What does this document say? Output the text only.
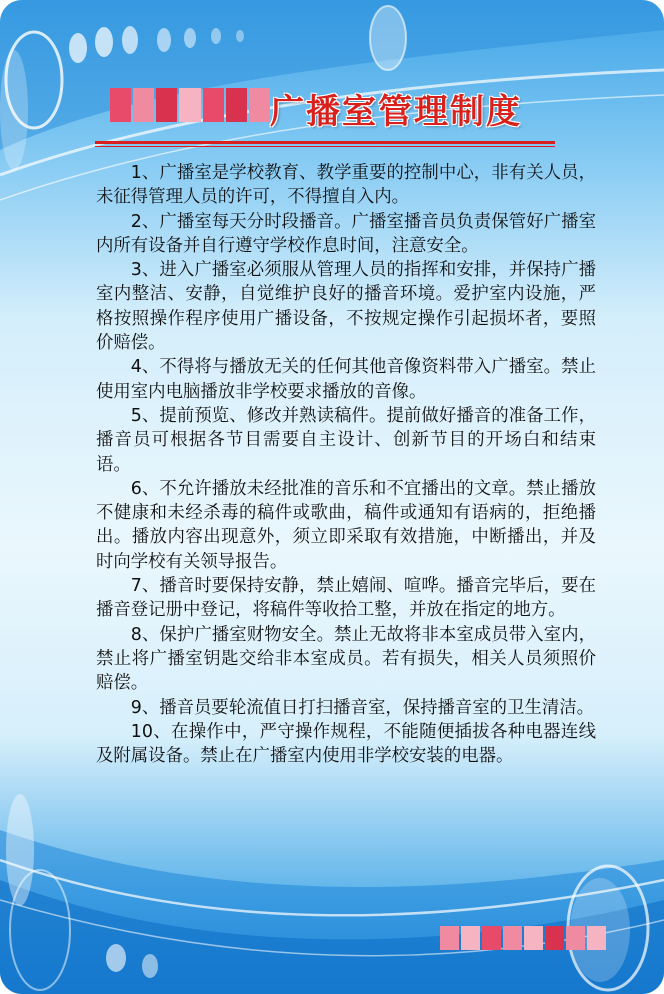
广播室管理制度

1、广播室是学校教育、教学重要的控制中心，非有关人员，未征得管理人员的许可，不得擅自入内。

2、广播室每天分时段播音。广播室播音员负责保管好广播室内所有设备并自行遵守学校作息时间，注意安全。

3、进入广播室必须服从管理人员的指挥和安排，并保持广播室内整洁、安静，自觉维护良好的播音环境。爱护室内设施，严格按照操作程序使用广播设备，不按规定操作引起损坏者，要照价赔偿。

4、不得将与播放无关的任何其他音像资料带入广播室。禁止使用室内电脑播放非学校要求播放的音像。

5、提前预览、修改并熟读稿件。提前做好播音的准备工作，播音员可根据各节目需要自主设计、创新节目的开场白和结束语。

6、不允许播放未经批准的音乐和不宜播出的文章。禁止播放不健康和未经杀毒的稿件或歌曲，稿件或通知有语病的，拒绝播出。播放内容出现意外，须立即采取有效措施，中断播出，并及时向学校有关领导报告。

7、播音时要保持安静，禁止嬉闹、喧哗。播音完毕后，要在播音登记册中登记，将稿件等收拾工整，并放在指定的地方。

8、保护广播室财物安全。禁止无故将非本室成员带入室内，禁止将广播室钥匙交给非本室成员。若有损失，相关人员须照价赔偿。

9、播音员要轮流值日打扫播音室，保持播音室的卫生清洁。

10、在操作中，严守操作规程，不能随便插拔各种电器连线及附属设备。禁止在广播室内使用非学校安装的电器。
